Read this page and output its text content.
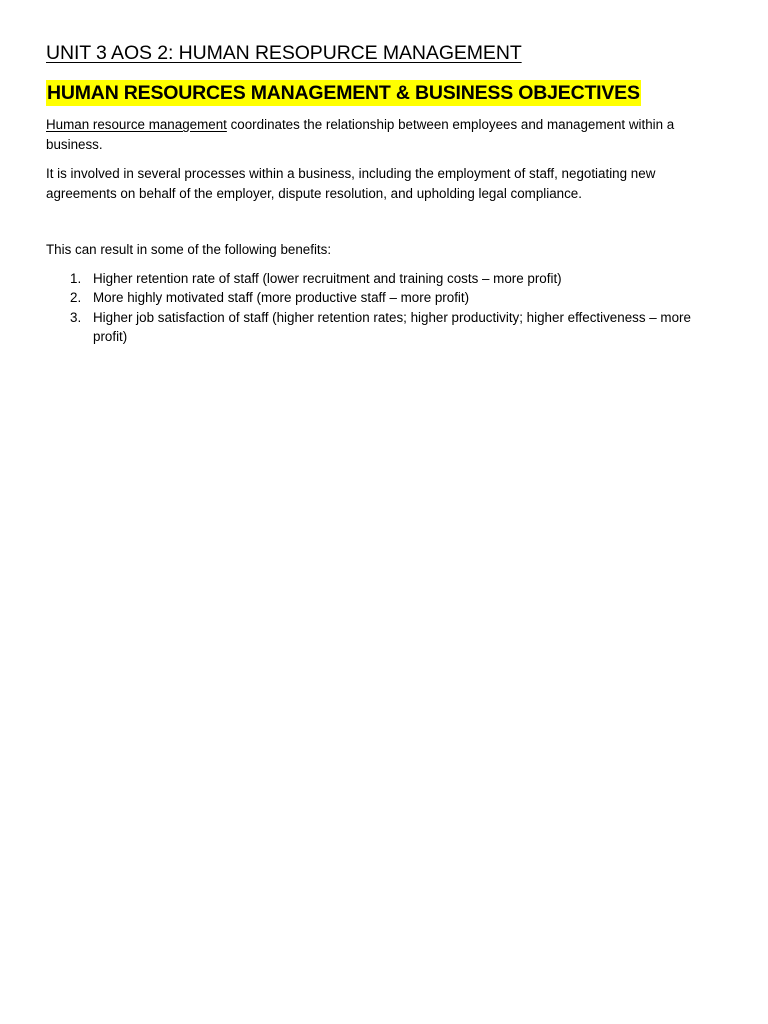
UNIT 3 AOS 2: HUMAN RESOPURCE MANAGEMENT
HUMAN RESOURCES MANAGEMENT & BUSINESS OBJECTIVES

Human resource management coordinates the relationship between employees and management within a business.

It is involved in several processes within a business, including the employment of staff, negotiating new agreements on behalf of the employer, dispute resolution, and upholding legal compliance.

This can result in some of the following benefits:

1. Higher retention rate of staff (lower recruitment and training costs – more profit)
2. More highly motivated staff (more productive staff – more profit)
3. Higher job satisfaction of staff (higher retention rates; higher productivity; higher effectiveness – more profit)
